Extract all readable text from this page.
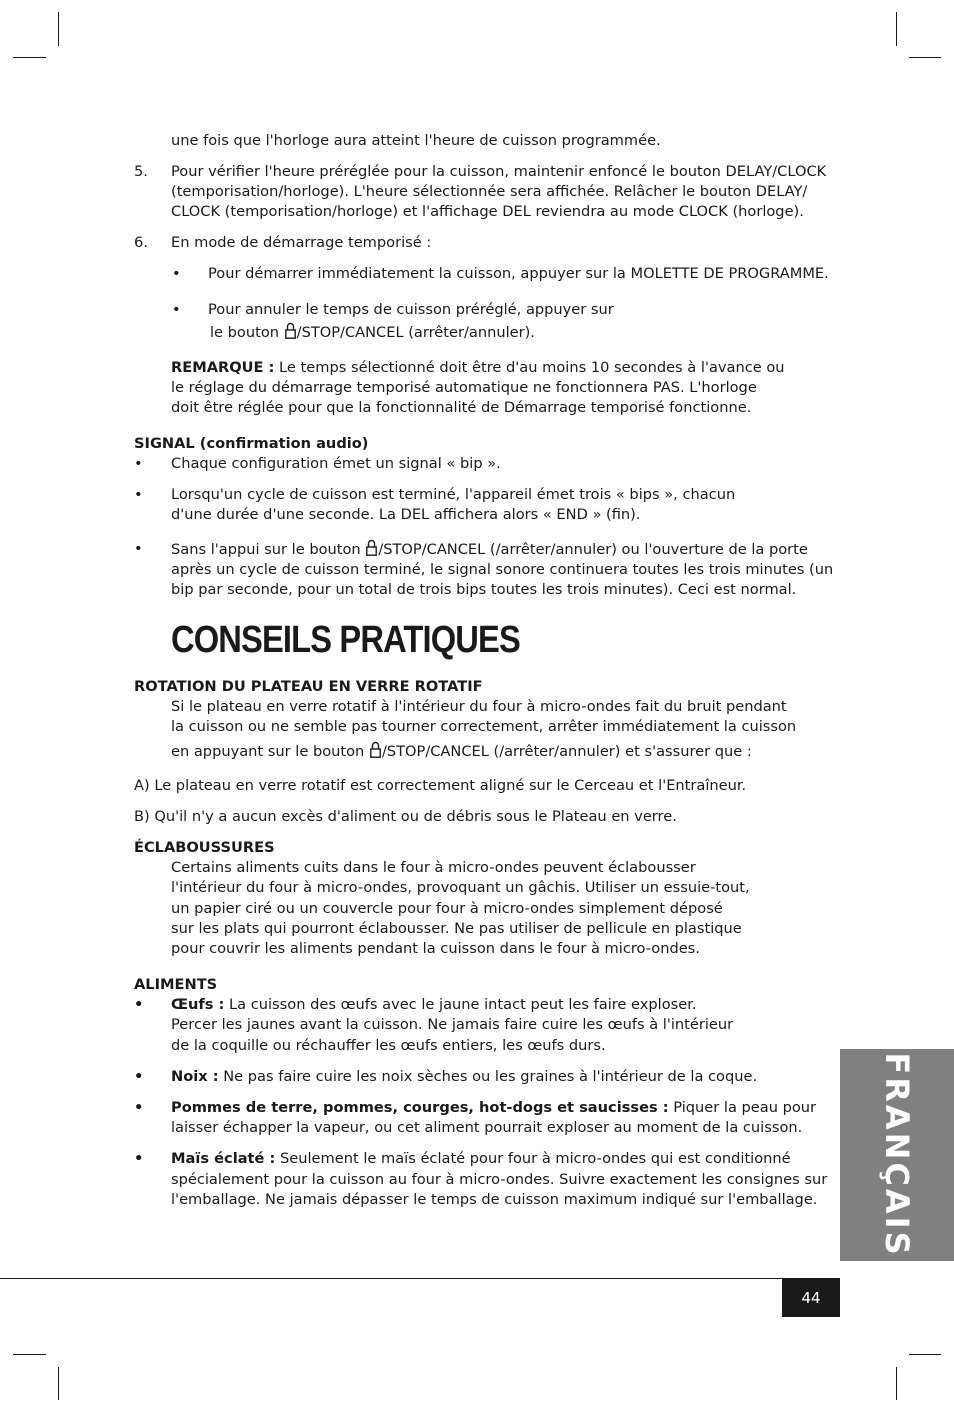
une fois que l'horloge aura atteint l'heure de cuisson programmée.
5. Pour vérifier l'heure préréglée pour la cuisson, maintenir enfoncé le bouton DELAY/CLOCK
(temporisation/horloge). L'heure sélectionnée sera affichée. Relâcher le bouton DELAY/
CLOCK (temporisation/horloge) et l'affichage DEL reviendra au mode CLOCK (horloge).
6. En mode de démarrage temporisé :
• Pour démarrer immédiatement la cuisson, appuyer sur la MOLETTE DE PROGRAMME.
• Pour annuler le temps de cuisson préréglé, appuyer sur
le bouton /STOP/CANCEL (arrêter/annuler).
REMARQUE : Le temps sélectionné doit être d'au moins 10 secondes à l'avance ou
le réglage du démarrage temporisé automatique ne fonctionnera PAS. L'horloge
doit être réglée pour que la fonctionnalité de Démarrage temporisé fonctionne.
SIGNAL (confirmation audio)
• Chaque configuration émet un signal « bip ».
• Lorsqu'un cycle de cuisson est terminé, l'appareil émet trois « bips », chacun
d'une durée d'une seconde. La DEL affichera alors « END » (fin).
• Sans l'appui sur le bouton /STOP/CANCEL (/arrêter/annuler) ou l'ouverture de la porte
après un cycle de cuisson terminé, le signal sonore continuera toutes les trois minutes (un
bip par seconde, pour un total de trois bips toutes les trois minutes). Ceci est normal.
CONSEILS PRATIQUES
ROTATION DU PLATEAU EN VERRE ROTATIF
Si le plateau en verre rotatif à l'intérieur du four à micro-ondes fait du bruit pendant
la cuisson ou ne semble pas tourner correctement, arrêter immédiatement la cuisson
en appuyant sur le bouton /STOP/CANCEL (/arrêter/annuler) et s'assurer que :
A) Le plateau en verre rotatif est correctement aligné sur le Cerceau et l'Entraîneur.
B) Qu'il n'y a aucun excès d'aliment ou de débris sous le Plateau en verre.
ÉCLABOUSSURES
Certains aliments cuits dans le four à micro-ondes peuvent éclabousser
l'intérieur du four à micro-ondes, provoquant un gâchis. Utiliser un essuie-tout,
un papier ciré ou un couvercle pour four à micro-ondes simplement déposé
sur les plats qui pourront éclabousser. Ne pas utiliser de pellicule en plastique
pour couvrir les aliments pendant la cuisson dans le four à micro-ondes.
ALIMENTS
• Œufs : La cuisson des œufs avec le jaune intact peut les faire exploser.
Percer les jaunes avant la cuisson. Ne jamais faire cuire les œufs à l'intérieur
de la coquille ou réchauffer les œufs entiers, les œufs durs.
• Noix : Ne pas faire cuire les noix sèches ou les graines à l'intérieur de la coque.
• Pommes de terre, pommes, courges, hot-dogs et saucisses : Piquer la peau pour
laisser échapper la vapeur, ou cet aliment pourrait exploser au moment de la cuisson.
• Maïs éclaté : Seulement le maïs éclaté pour four à micro-ondes qui est conditionné
spécialement pour la cuisson au four à micro-ondes. Suivre exactement les consignes sur
l'emballage. Ne jamais dépasser le temps de cuisson maximum indiqué sur l'emballage. FRANÇAIS
44
